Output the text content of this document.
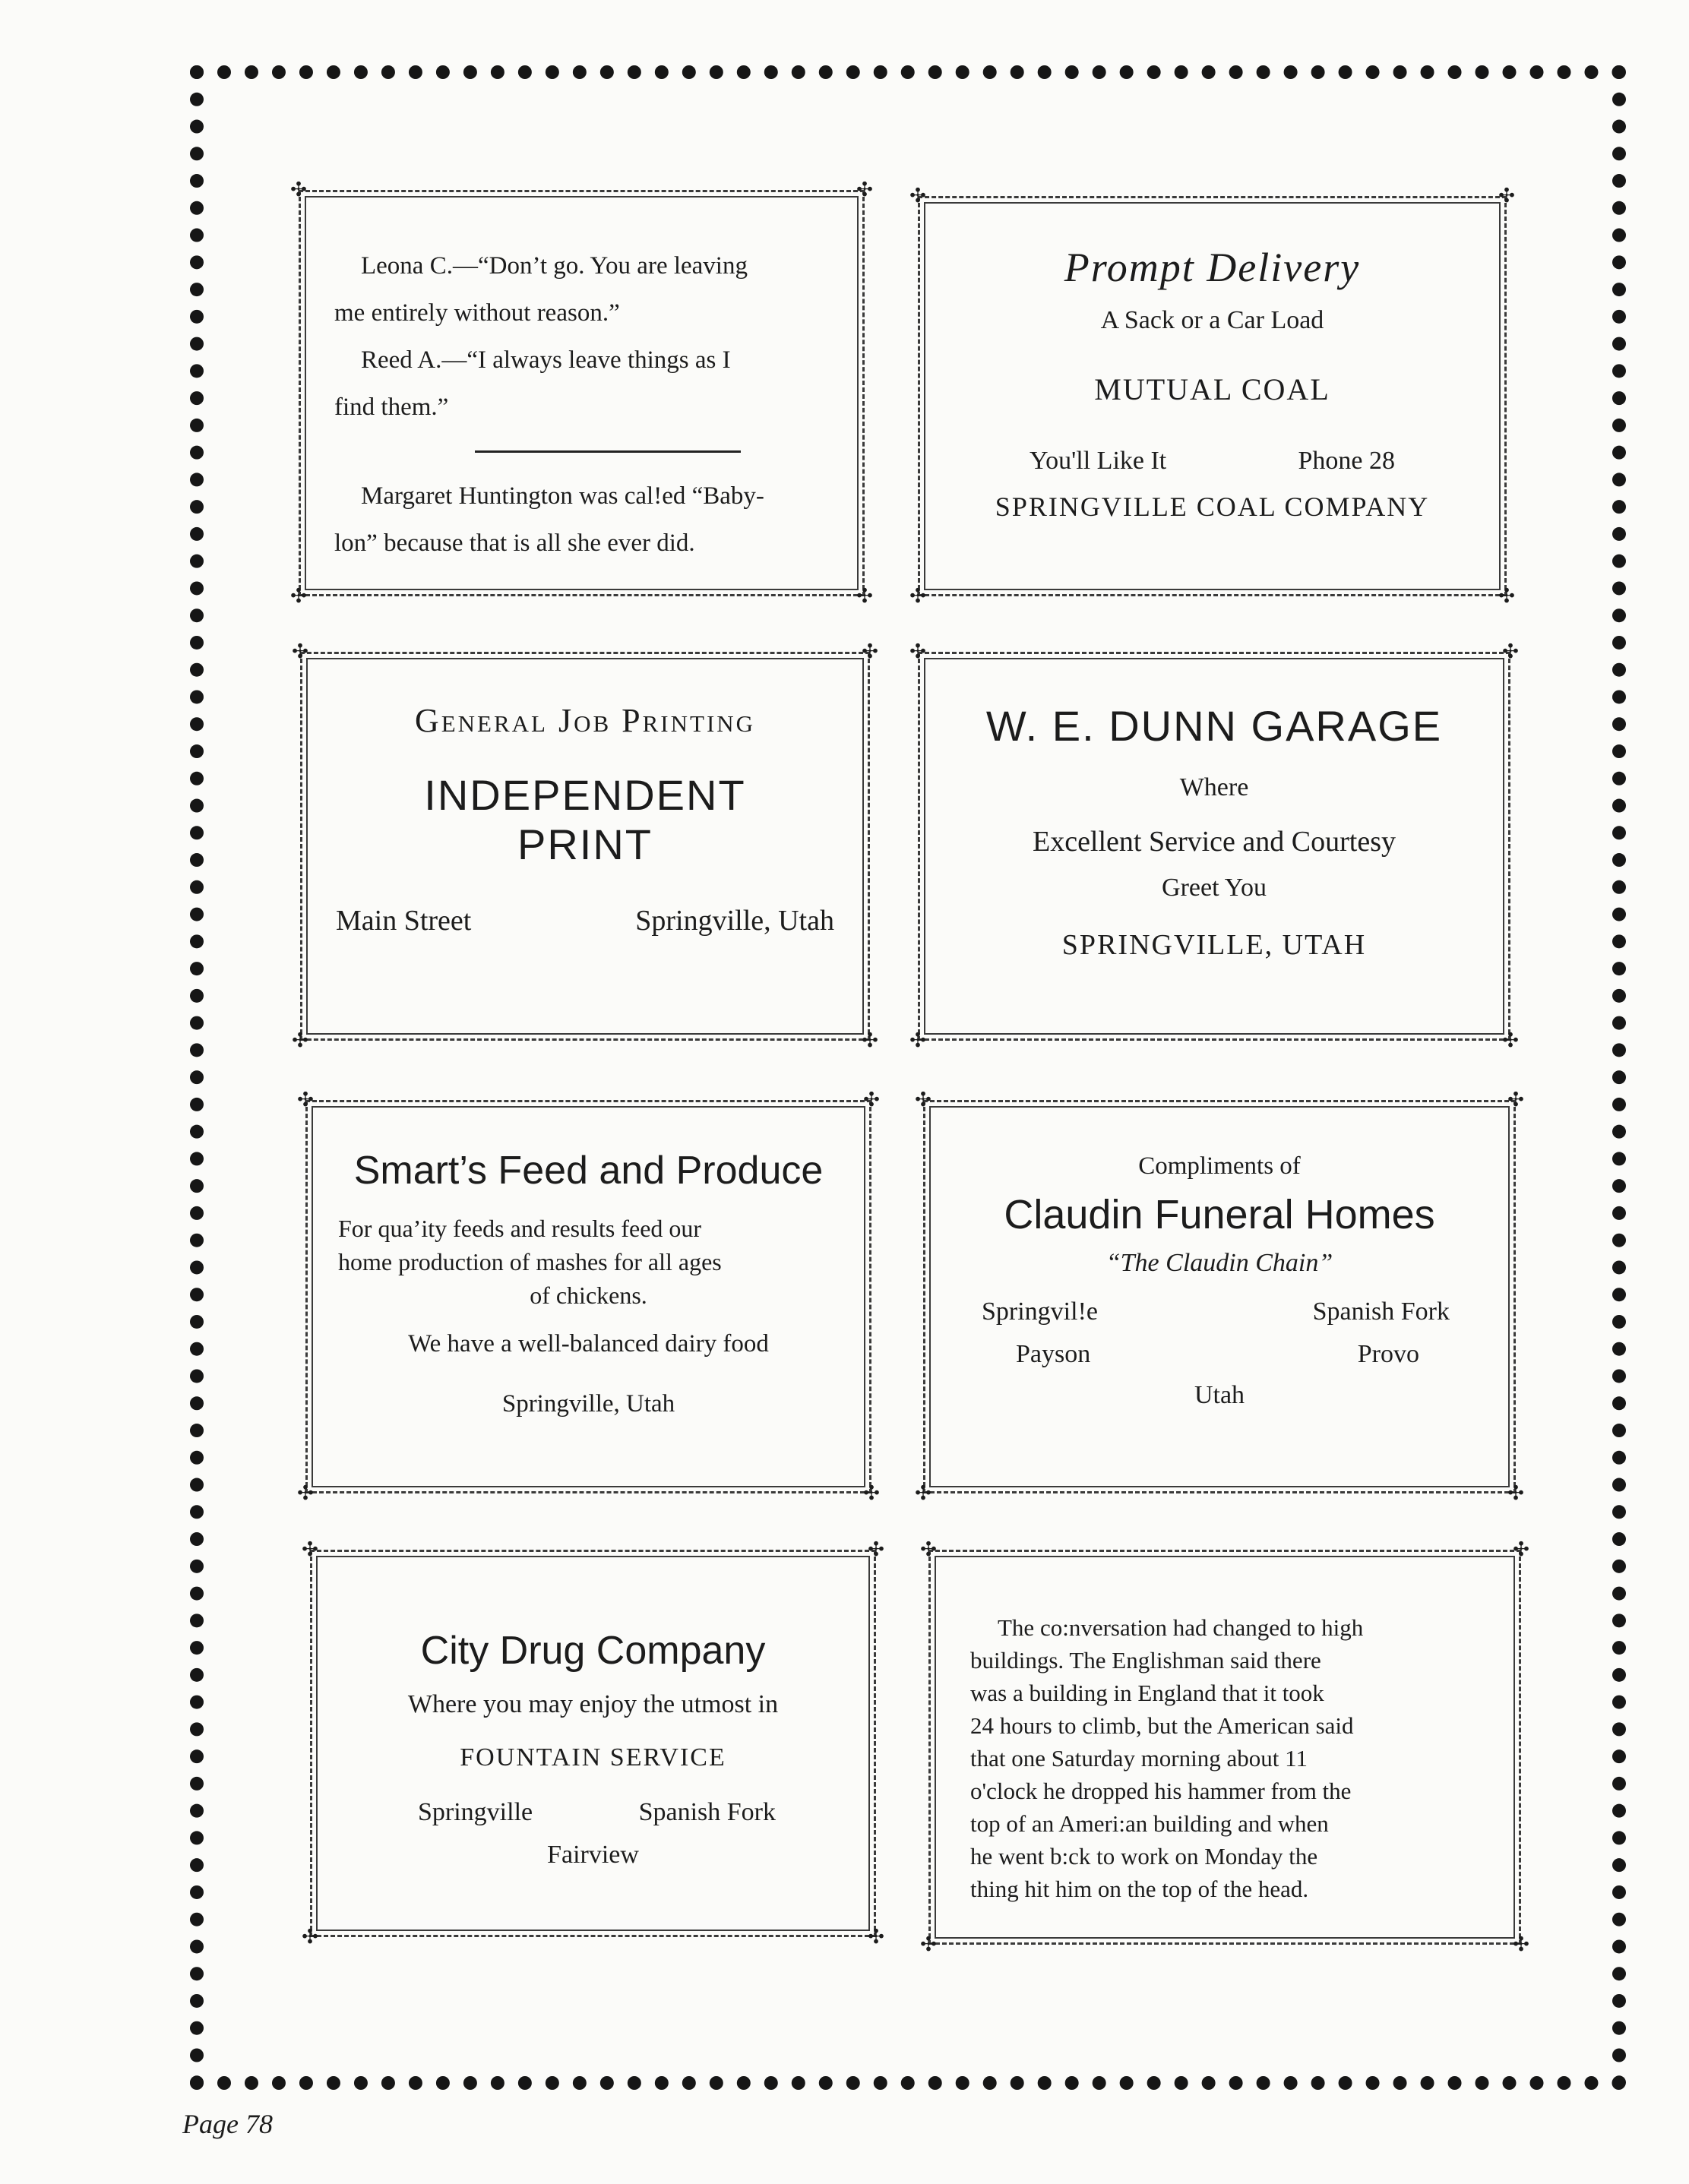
✣	✣
✣	✣

Leona C.—“Don’t go. You are leaving

me entirely without reason.”

Reed A.—“I always leave things as I

find them.”

Margaret Huntington was cal!ed “Baby-

lon” because that is all she ever did.

✣	✣
✣	✣

Prompt Delivery

A Sack or a Car Load

MUTUAL COAL

You'll Like It	Phone 28

SPRINGVILLE COAL COMPANY

✣	✣
✣	✣

General Job Printing

INDEPENDENT

PRINT

Main Street	Springville, Utah
✣	✣
✣	✣

W. E. DUNN GARAGE

Where

Excellent Service and Courtesy

Greet You

SPRINGVILLE, UTAH

✣	✣
✣	✣

Smart’s Feed and Produce

For qua’ity feeds and results feed our

home production of mashes for all ages

of chickens.

We have a well-balanced dairy food

Springville, Utah

✣	✣
✣	✣

Compliments of

Claudin Funeral Homes

“The Claudin Chain”

Springvil!e	Spanish Fork
Payson	Provo

Utah

✣	✣
✣	✣

City Drug Company

Where you may enjoy the utmost in

FOUNTAIN SERVICE

Springville	Spanish Fork

Fairview

✣	✣
✣	✣

The co:nversation had changed to high

buildings. The Englishman said there

was a building in England that it took

24 hours to climb, but the American said

that one Saturday morning about 11

o'clock he dropped his hammer from the

top of an Ameri:an building and when

he went b:ck to work on Monday the

thing hit him on the top of the head.

Page 78
